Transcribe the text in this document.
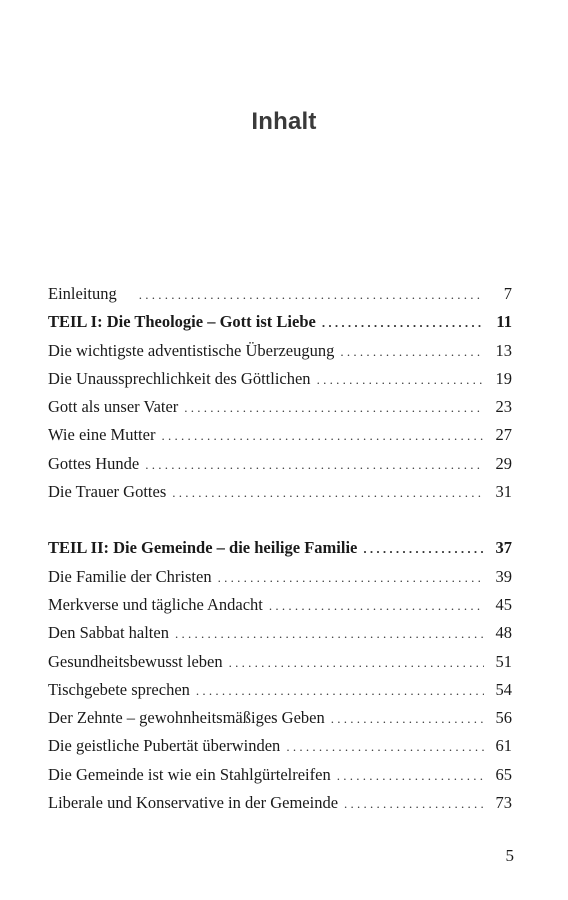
Inhalt
Einleitung . . .	7
TEIL I: Die Theologie – Gott ist Liebe . . .	11
Die wichtigste adventistische Überzeugung . . .	13
Die Unaussprechlichkeit des Göttlichen . . .	19
Gott als unser Vater . . .	23
Wie eine Mutter . . .	27
Gottes Hunde . . .	29
Die Trauer Gottes . . .	31
TEIL II: Die Gemeinde – die heilige Familie . . .	37
Die Familie der Christen . . .	39
Merkverse und tägliche Andacht . . .	45
Den Sabbat halten . . .	48
Gesundheitsbewusst leben . . .	51
Tischgebete sprechen . . .	54
Der Zehnte – gewohnheitsmäßiges Geben . . .	56
Die geistliche Pubertät überwinden . . .	61
Die Gemeinde ist wie ein Stahlgürtelreifen . . .	65
Liberale und Konservative in der Gemeinde . . .	73
5
